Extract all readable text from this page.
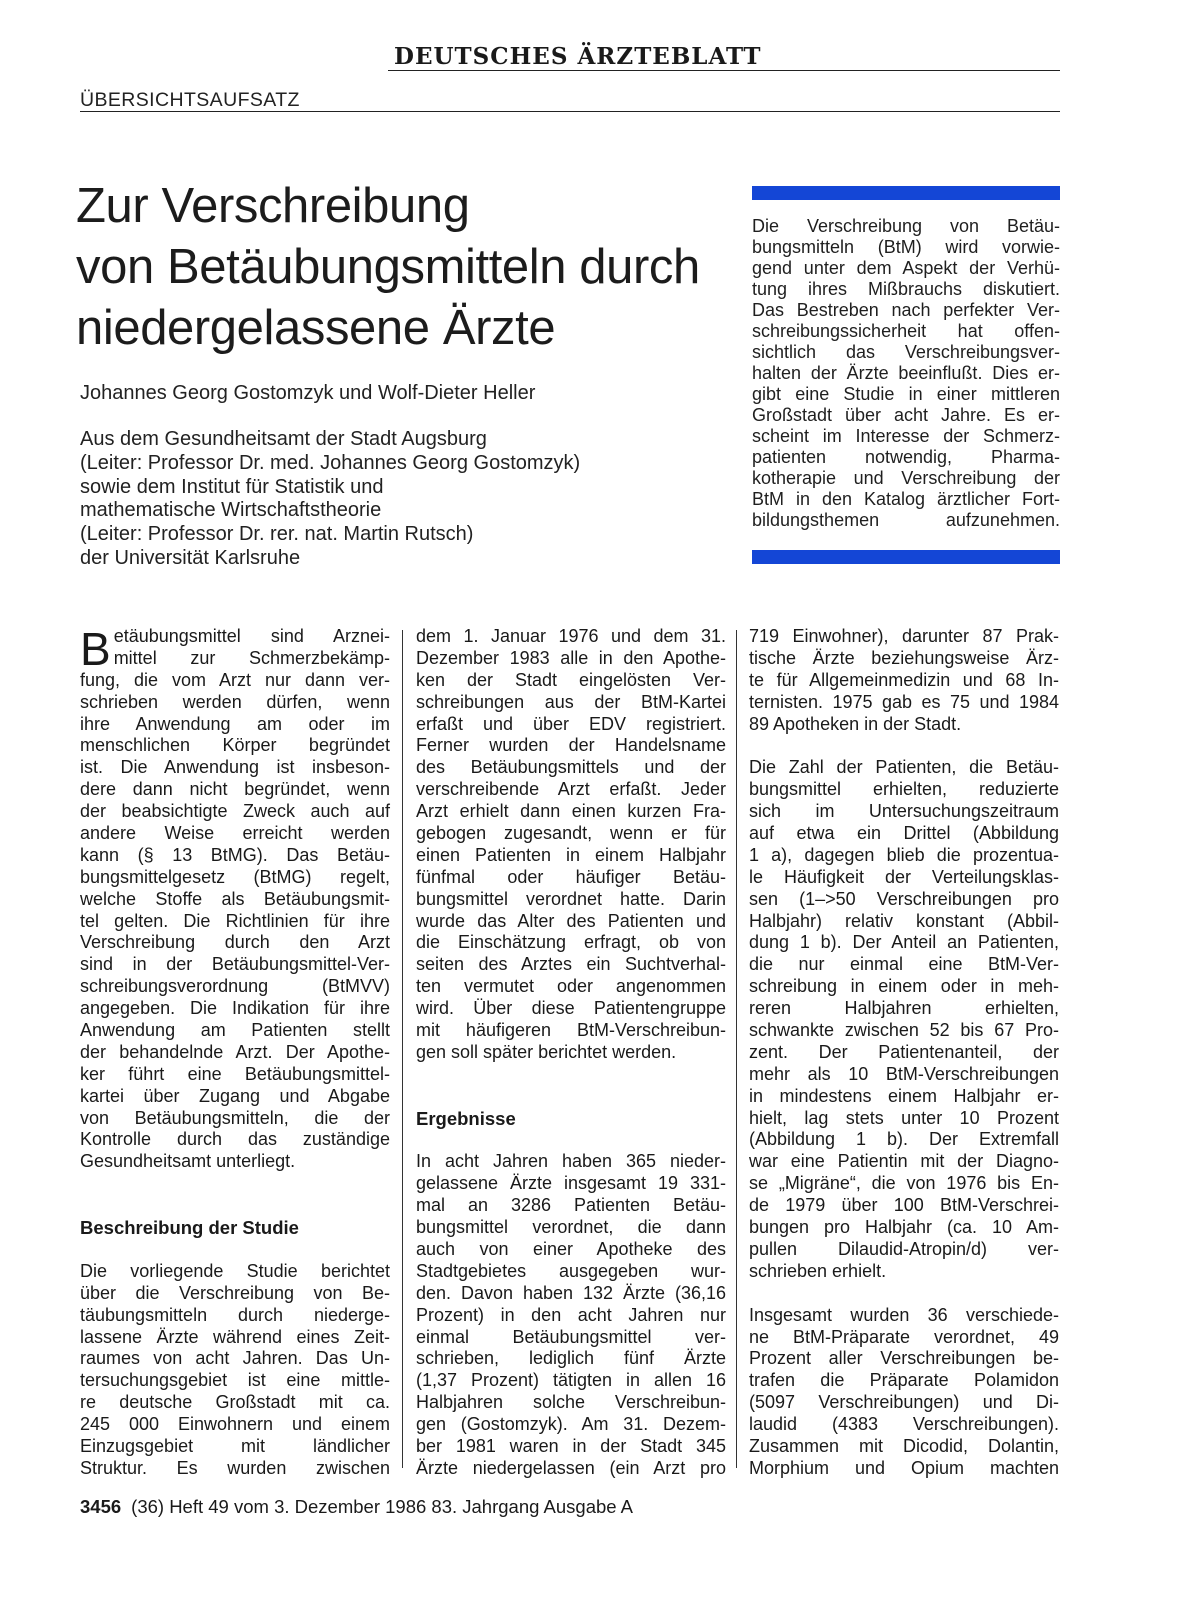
DEUTSCHES ÄRZTEBLATT
ÜBERSICHTSAUFSATZ
Zur Verschreibung
von Betäubungsmitteln durch
niedergelassene Ärzte
Johannes Georg Gostomzyk und Wolf-Dieter Heller
Aus dem Gesundheitsamt der Stadt Augsburg
(Leiter: Professor Dr. med. Johannes Georg Gostomzyk)
sowie dem Institut für Statistik und
mathematische Wirtschaftstheorie
(Leiter: Professor Dr. rer. nat. Martin Rutsch)
der Universität Karlsruhe
Die Verschreibung von Betäu-
bungsmitteln (BtM) wird vorwie-
gend unter dem Aspekt der Verhü-
tung ihres Mißbrauchs diskutiert.
Das Bestreben nach perfekter Ver-
schreibungssicherheit hat offen-
sichtlich das Verschreibungsver-
halten der Ärzte beeinflußt. Dies er-
gibt eine Studie in einer mittleren
Großstadt über acht Jahre. Es er-
scheint im Interesse der Schmerz-
patienten notwendig, Pharma-
kotherapie und Verschreibung der
BtM in den Katalog ärztlicher Fort-
bildungsthemen aufzunehmen.
B etäubungsmittel sind Arznei-
mittel zur Schmerzbekämp-
fung, die vom Arzt nur dann ver-
schrieben werden dürfen, wenn
ihre Anwendung am oder im
menschlichen Körper begründet
ist. Die Anwendung ist insbeson-
dere dann nicht begründet, wenn
der beabsichtigte Zweck auch auf
andere Weise erreicht werden
kann (§ 13 BtMG). Das Betäu-
bungsmittelgesetz (BtMG) regelt,
welche Stoffe als Betäubungsmit-
tel gelten. Die Richtlinien für ihre
Verschreibung durch den Arzt
sind in der Betäubungsmittel-Ver-
schreibungsverordnung (BtMVV)
angegeben. Die Indikation für ihre
Anwendung am Patienten stellt
der behandelnde Arzt. Der Apothe-
ker führt eine Betäubungsmittel-
kartei über Zugang und Abgabe
von Betäubungsmitteln, die der
Kontrolle durch das zuständige
Gesundheitsamt unterliegt.
Beschreibung der Studie
Die vorliegende Studie berichtet
über die Verschreibung von Be-
täubungsmitteln durch niederge-
lassene Ärzte während eines Zeit-
raumes von acht Jahren. Das Un-
tersuchungsgebiet ist eine mittle-
re deutsche Großstadt mit ca.
245 000 Einwohnern und einem
Einzugsgebiet mit ländlicher
Struktur. Es wurden zwischen
dem 1. Januar 1976 und dem 31.
Dezember 1983 alle in den Apothe-
ken der Stadt eingelösten Ver-
schreibungen aus der BtM-Kartei
erfaßt und über EDV registriert.
Ferner wurden der Handelsname
des Betäubungsmittels und der
verschreibende Arzt erfaßt. Jeder
Arzt erhielt dann einen kurzen Fra-
gebogen zugesandt, wenn er für
einen Patienten in einem Halbjahr
fünfmal oder häufiger Betäu-
bungsmittel verordnet hatte. Darin
wurde das Alter des Patienten und
die Einschätzung erfragt, ob von
seiten des Arztes ein Suchtverhal-
ten vermutet oder angenommen
wird. Über diese Patientengruppe
mit häufigeren BtM-Verschreibun-
gen soll später berichtet werden.
Ergebnisse
In acht Jahren haben 365 nieder-
gelassene Ärzte insgesamt 19 331-
mal an 3286 Patienten Betäu-
bungsmittel verordnet, die dann
auch von einer Apotheke des
Stadtgebietes ausgegeben wur-
den. Davon haben 132 Ärzte (36,16
Prozent) in den acht Jahren nur
einmal Betäubungsmittel ver-
schrieben, lediglich fünf Ärzte
(1,37 Prozent) tätigten in allen 16
Halbjahren solche Verschreibun-
gen (Gostomzyk). Am 31. Dezem-
ber 1981 waren in der Stadt 345
Ärzte niedergelassen (ein Arzt pro
719 Einwohner), darunter 87 Prak-
tische Ärzte beziehungsweise Ärz-
te für Allgemeinmedizin und 68 In-
ternisten. 1975 gab es 75 und 1984
89 Apotheken in der Stadt.
Die Zahl der Patienten, die Betäu-
bungsmittel erhielten, reduzierte
sich im Untersuchungszeitraum
auf etwa ein Drittel (Abbildung
1 a), dagegen blieb die prozentua-
le Häufigkeit der Verteilungsklas-
sen (1–>50 Verschreibungen pro
Halbjahr) relativ konstant (Abbil-
dung 1 b). Der Anteil an Patienten,
die nur einmal eine BtM-Ver-
schreibung in einem oder in meh-
reren Halbjahren erhielten,
schwankte zwischen 52 bis 67 Pro-
zent. Der Patientenanteil, der
mehr als 10 BtM-Verschreibungen
in mindestens einem Halbjahr er-
hielt, lag stets unter 10 Prozent
(Abbildung 1 b). Der Extremfall
war eine Patientin mit der Diagno-
se „Migräne“, die von 1976 bis En-
de 1979 über 100 BtM-Verschrei-
bungen pro Halbjahr (ca. 10 Am-
pullen Dilaudid-Atropin/d) ver-
schrieben erhielt.
Insgesamt wurden 36 verschiede-
ne BtM-Präparate verordnet, 49
Prozent aller Verschreibungen be-
trafen die Präparate Polamidon
(5097 Verschreibungen) und Di-
laudid (4383 Verschreibungen).
Zusammen mit Dicodid, Dolantin,
Morphium und Opium machten
3456 (36) Heft 49 vom 3. Dezember 1986 83. Jahrgang Ausgabe A
